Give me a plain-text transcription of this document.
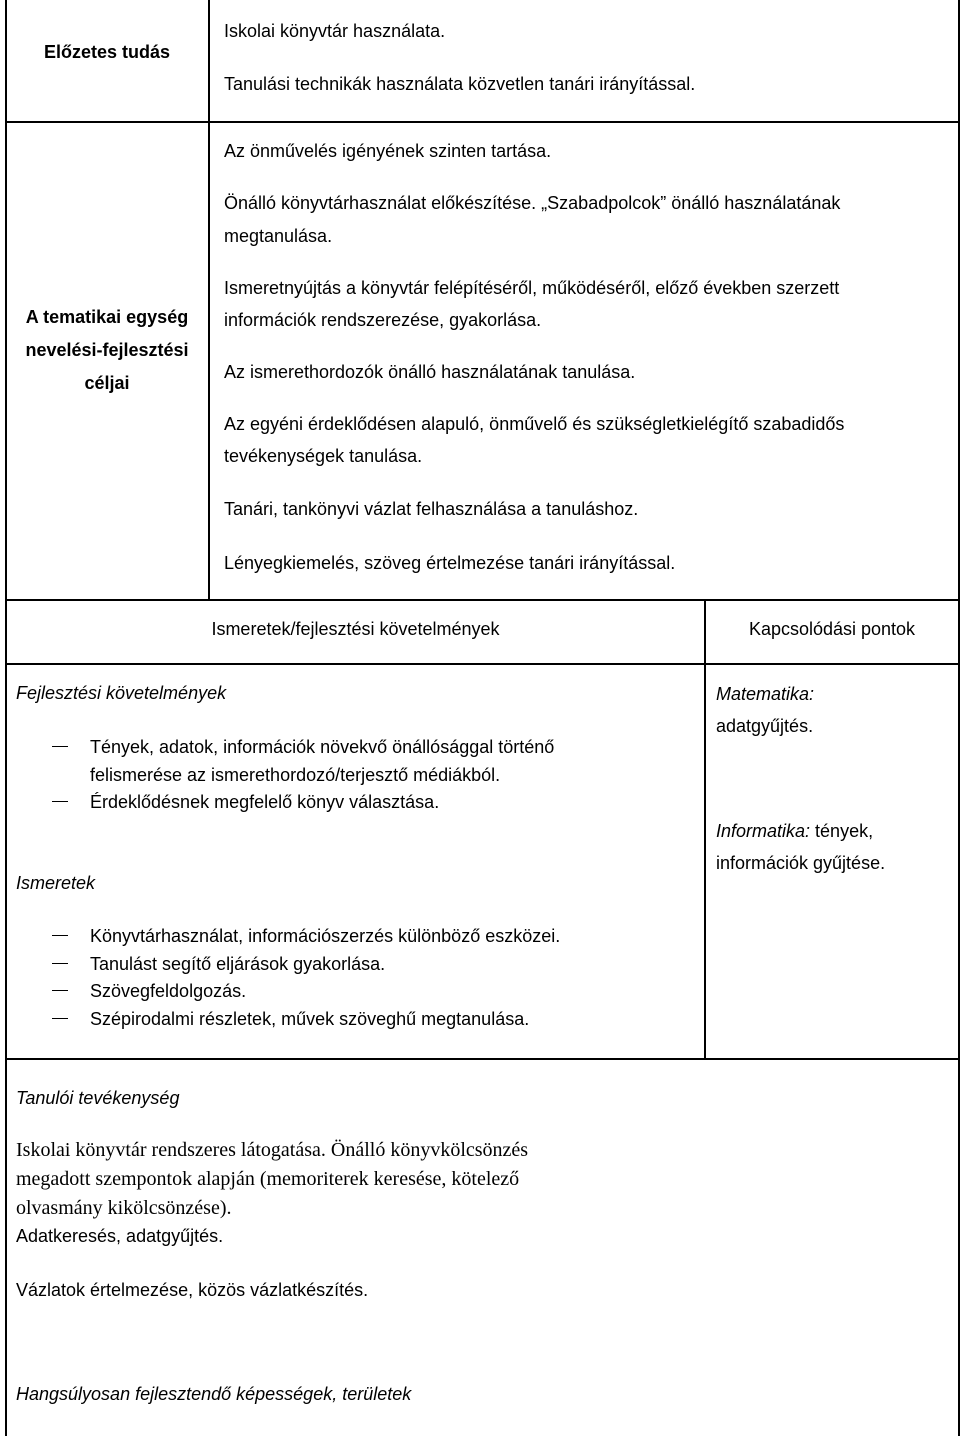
Előzetes tudás
Iskolai könyvtár használata.
Tanulási technikák használata közvetlen tanári irányítással.
A tematikai egység
nevelési-fejlesztési
céljai
Az önművelés igényének szinten tartása.
Önálló könyvtárhasználat előkészítése. „Szabadpolcok” önálló használatának
megtanulása.
Ismeretnyújtás a könyvtár felépítéséről, működéséről, előző években szerzett
információk rendszerezése, gyakorlása.
Az ismerethordozók önálló használatának tanulása.
Az egyéni érdeklődésen alapuló, önművelő és szükségletkielégítő szabadidős
tevékenységek tanulása.
Tanári, tankönyvi vázlat felhasználása a tanuláshoz.
Lényegkiemelés, szöveg értelmezése tanári irányítással.
Ismeretek/fejlesztési követelmények	Kapcsolódási pontok
Fejlesztési követelmények
Tények, adatok, információk növekvő önállósággal történő
felismerése az ismerethordozó/terjesztő médiákból.
Érdeklődésnek megfelelő könyv választása.
Ismeretek
Könyvtárhasználat, információszerzés különböző eszközei.
Tanulást segítő eljárások gyakorlása.
Szövegfeldolgozás.
Szépirodalmi részletek, művek szöveghű megtanulása.
Matematika:
adatgyűjtés.
Informatika: tények,
információk gyűjtése.
Tanulói tevékenység
Iskolai könyvtár rendszeres látogatása. Önálló könyvkölcsönzés
megadott szempontok alapján (memoriterek keresése, kötelező
olvasmány kikölcsönzése).
Adatkeresés, adatgyűjtés.
Vázlatok értelmezése, közös vázlatkészítés.
Hangsúlyosan fejlesztendő képességek, területek
